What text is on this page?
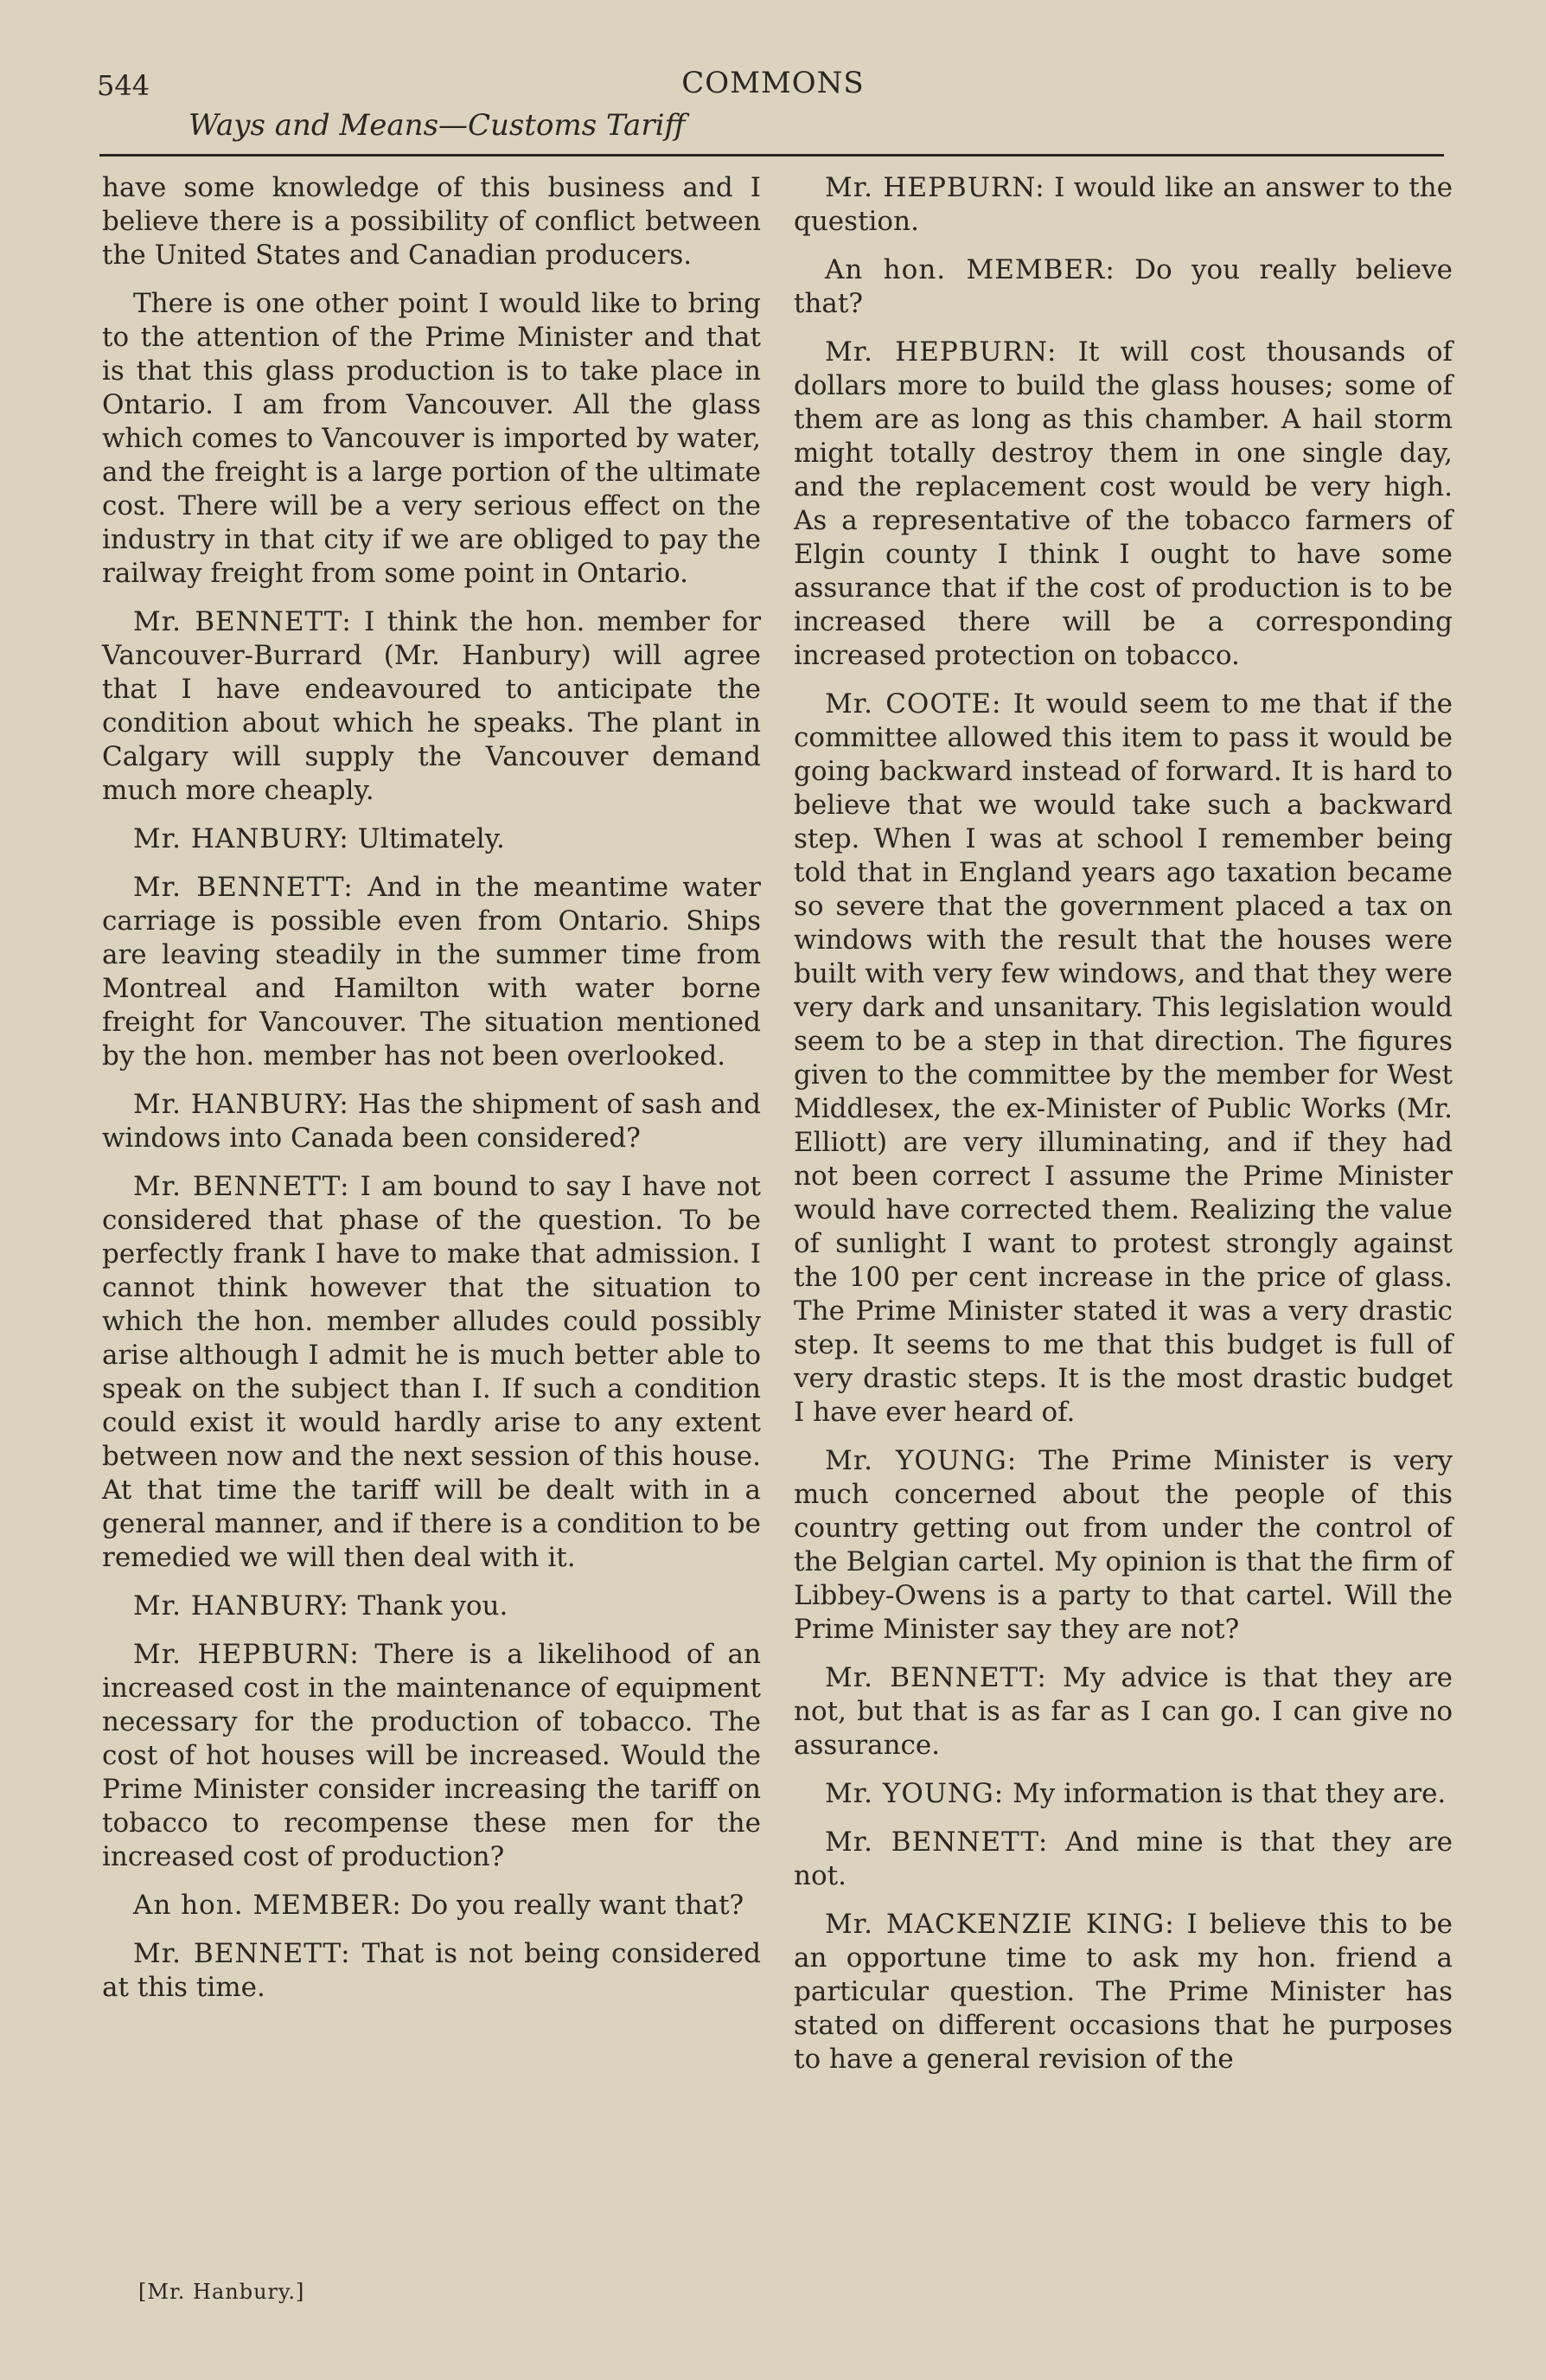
544	COMMONS
Ways and Means—Customs Tariff

have some knowledge of this business and I believe there is a possibility of conflict between the United States and Canadian producers.

There is one other point I would like to bring to the attention of the Prime Minister and that is that this glass production is to take place in Ontario. I am from Vancouver. All the glass which comes to Vancouver is imported by water, and the freight is a large portion of the ultimate cost. There will be a very serious effect on the industry in that city if we are obliged to pay the railway freight from some point in Ontario.

Mr. BENNETT: I think the hon. member for Vancouver-Burrard (Mr. Hanbury) will agree that I have endeavoured to anticipate the condition about which he speaks. The plant in Calgary will supply the Vancouver demand much more cheaply.

Mr. HANBURY: Ultimately.

Mr. BENNETT: And in the meantime water carriage is possible even from Ontario. Ships are leaving steadily in the summer time from Montreal and Hamilton with water borne freight for Vancouver. The situation mentioned by the hon. member has not been overlooked.

Mr. HANBURY: Has the shipment of sash and windows into Canada been considered?

Mr. BENNETT: I am bound to say I have not considered that phase of the question. To be perfectly frank I have to make that admission. I cannot think however that the situation to which the hon. member alludes could possibly arise although I admit he is much better able to speak on the subject than I. If such a condition could exist it would hardly arise to any extent between now and the next session of this house. At that time the tariff will be dealt with in a general manner, and if there is a condition to be remedied we will then deal with it.

Mr. HANBURY: Thank you.

Mr. HEPBURN: There is a likelihood of an increased cost in the maintenance of equipment necessary for the production of tobacco. The cost of hot houses will be increased. Would the Prime Minister consider increasing the tariff on tobacco to recompense these men for the increased cost of production?

An hon. MEMBER: Do you really want that?

Mr. BENNETT: That is not being considered at this time.

Mr. HEPBURN: I would like an answer to the question.

An hon. MEMBER: Do you really believe that?

Mr. HEPBURN: It will cost thousands of dollars more to build the glass houses; some of them are as long as this chamber. A hail storm might totally destroy them in one single day, and the replacement cost would be very high. As a representative of the tobacco farmers of Elgin county I think I ought to have some assurance that if the cost of production is to be increased there will be a corresponding increased protection on tobacco.

Mr. COOTE: It would seem to me that if the committee allowed this item to pass it would be going backward instead of forward. It is hard to believe that we would take such a backward step. When I was at school I remember being told that in England years ago taxation became so severe that the government placed a tax on windows with the result that the houses were built with very few windows, and that they were very dark and unsanitary. This legislation would seem to be a step in that direction. The figures given to the committee by the member for West Middlesex, the ex-Minister of Public Works (Mr. Elliott) are very illuminating, and if they had not been correct I assume the Prime Minister would have corrected them. Realizing the value of sunlight I want to protest strongly against the 100 per cent increase in the price of glass. The Prime Minister stated it was a very drastic step. It seems to me that this budget is full of very drastic steps. It is the most drastic budget I have ever heard of.

Mr. YOUNG: The Prime Minister is very much concerned about the people of this country getting out from under the control of the Belgian cartel. My opinion is that the firm of Libbey-Owens is a party to that cartel. Will the Prime Minister say they are not?

Mr. BENNETT: My advice is that they are not, but that is as far as I can go. I can give no assurance.

Mr. YOUNG: My information is that they are.

Mr. BENNETT: And mine is that they are not.

Mr. MACKENZIE KING: I believe this to be an opportune time to ask my hon. friend a particular question. The Prime Minister has stated on different occasions that he purposes to have a general revision of the

[Mr. Hanbury.]
